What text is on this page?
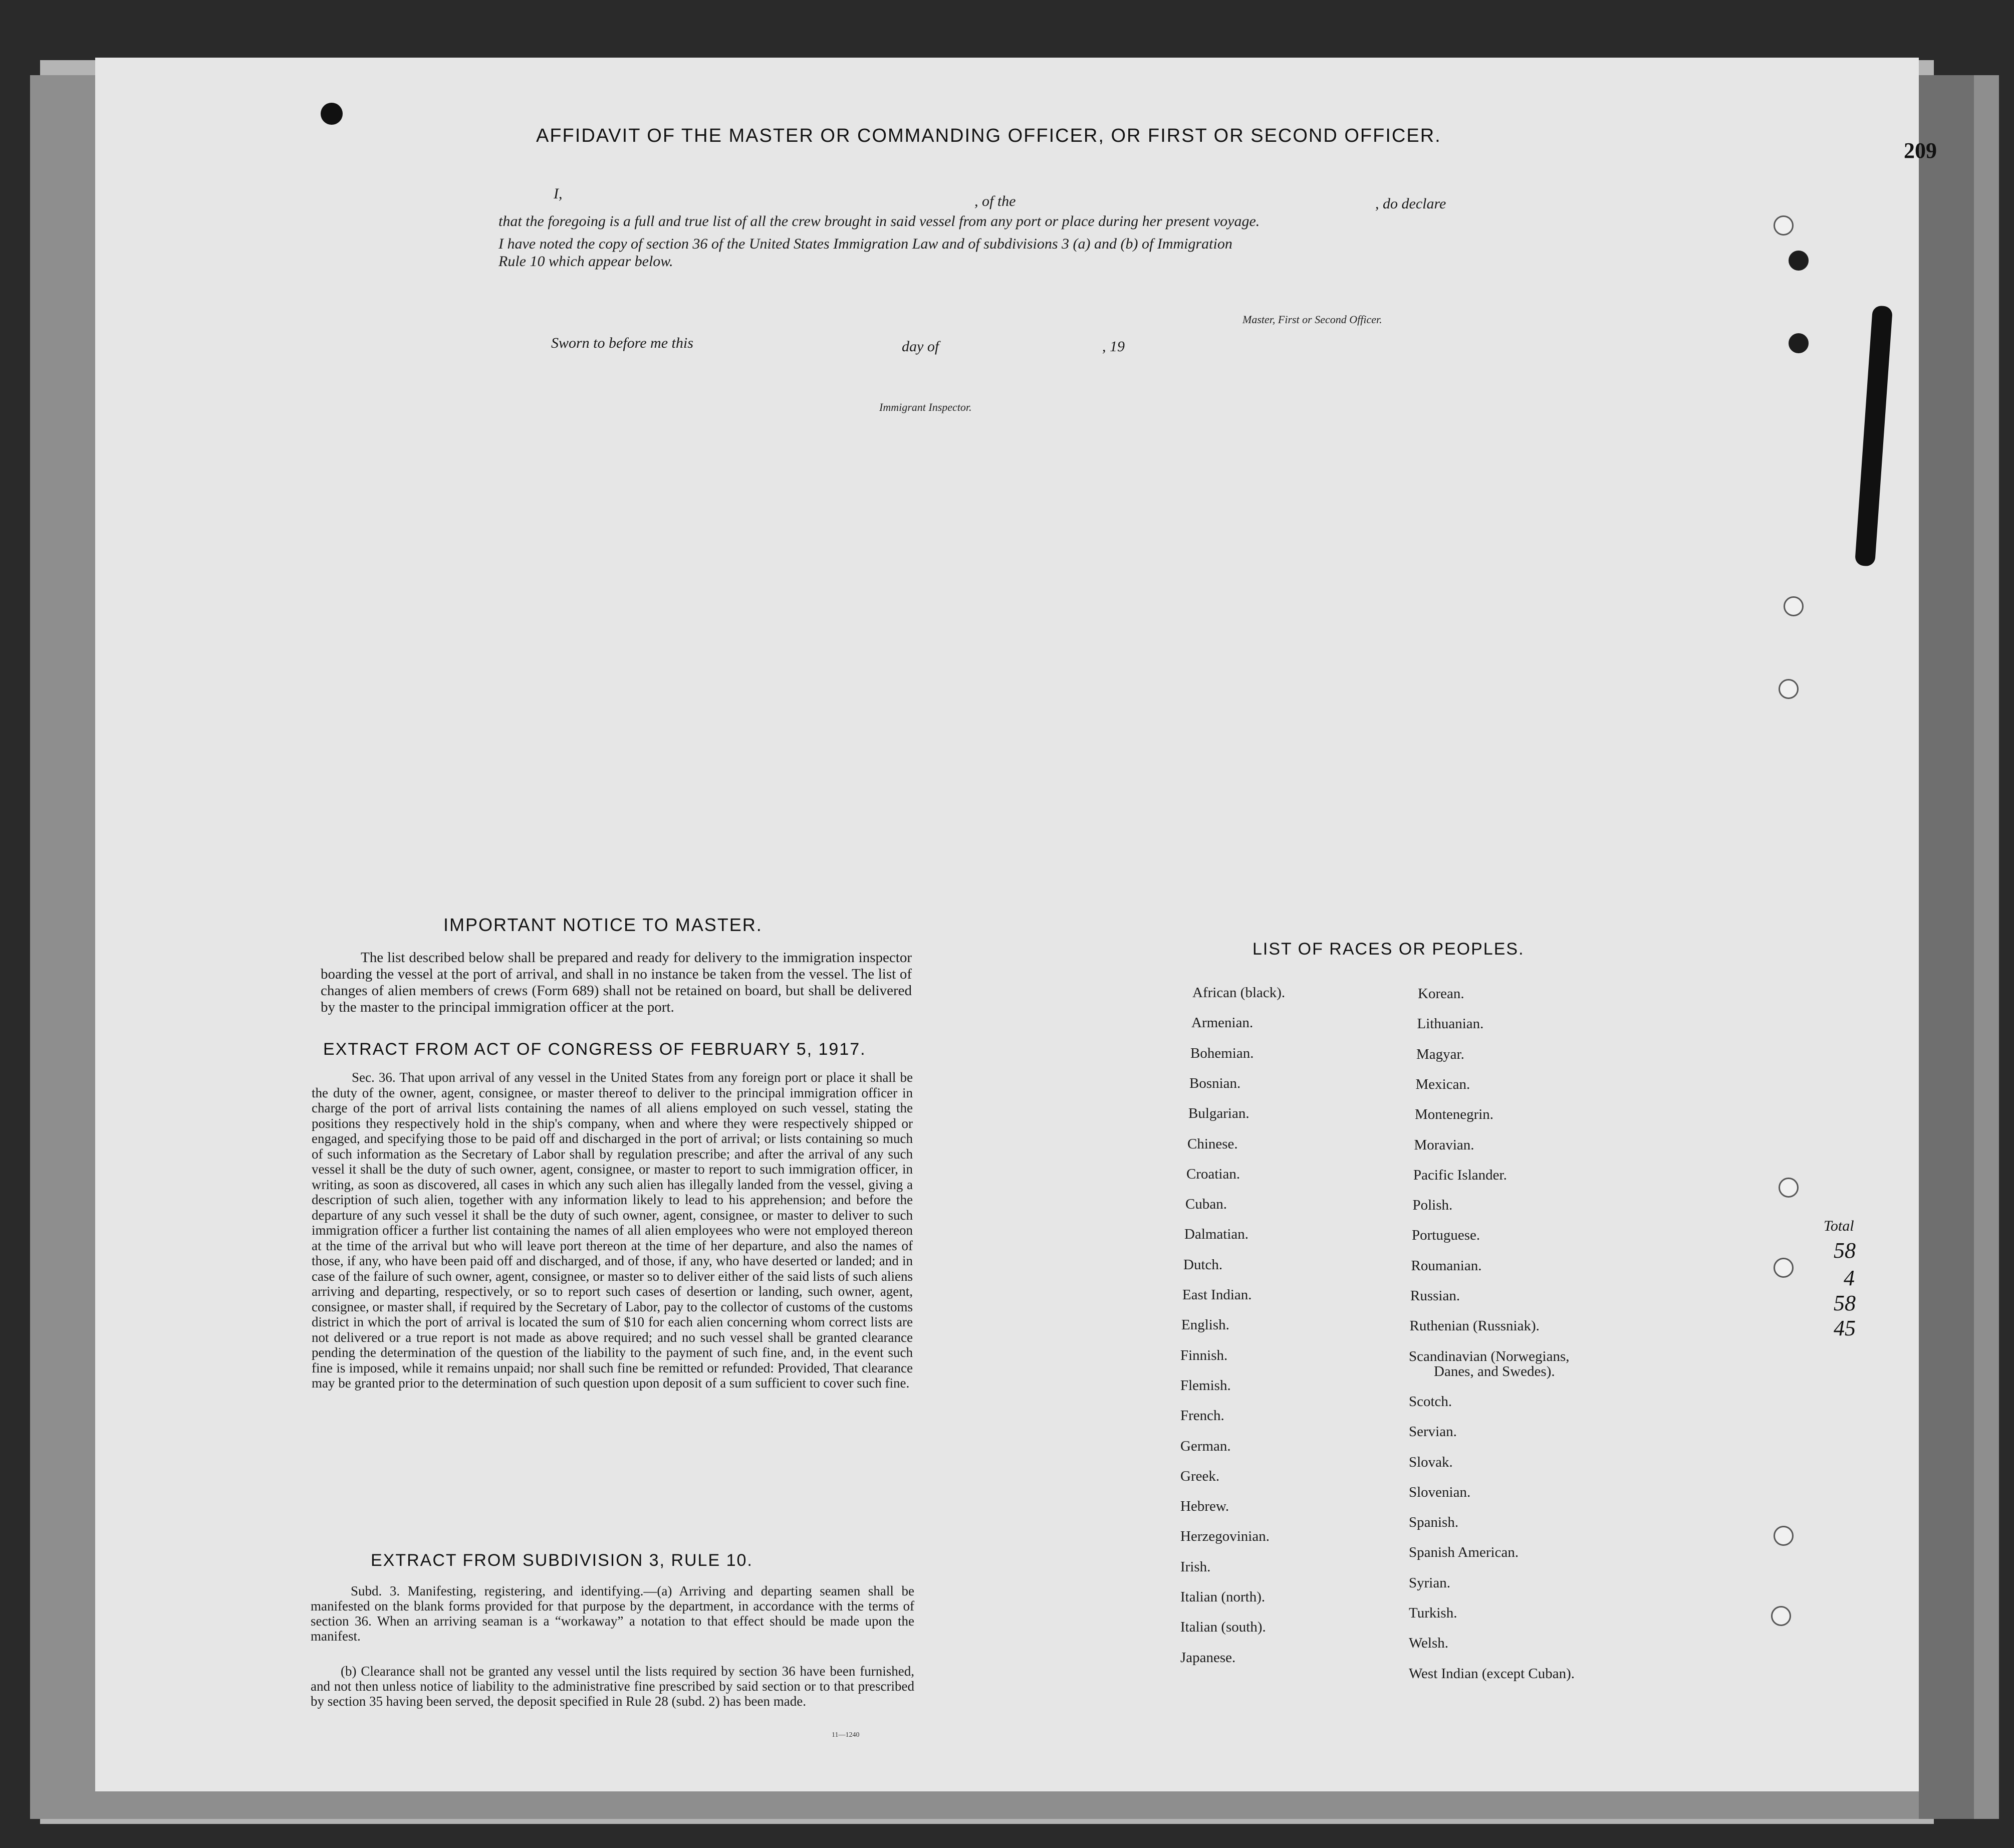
209
Total
58
4
58
45
AFFIDAVIT OF THE MASTER OR COMMANDING OFFICER, OR FIRST OR SECOND OFFICER.
I,	, of the	, do declare
that the foregoing is a full and true list of all the crew brought in said vessel from any port or place during her present voyage.
I have noted the copy of section 36 of the United States Immigration Law and of subdivisions 3 (a) and (b) of Immigration
Rule 10 which appear below.
Master, First or Second Officer.
Sworn to before me this	day of	, 19
Immigrant Inspector.
IMPORTANT NOTICE TO MASTER.
The list described below shall be prepared and ready for delivery to the immigration inspector boarding the vessel at the port of arrival, and shall in no instance be taken from the vessel. The list of changes of alien members of crews (Form 689) shall not be retained on board, but shall be delivered by the master to the principal immigration officer at the port.
EXTRACT FROM ACT OF CONGRESS OF FEBRUARY 5, 1917.
Sec. 36. That upon arrival of any vessel in the United States from any foreign port or place it shall be the duty of the owner, agent, consignee, or master thereof to deliver to the principal immigration officer in charge of the port of arrival lists containing the names of all aliens employed on such vessel, stating the positions they respectively hold in the ship's company, when and where they were respectively shipped or engaged, and specifying those to be paid off and discharged in the port of arrival; or lists containing so much of such information as the Secretary of Labor shall by regulation prescribe; and after the arrival of any such vessel it shall be the duty of such owner, agent, consignee, or master to report to such immigration officer, in writing, as soon as discovered, all cases in which any such alien has illegally landed from the vessel, giving a description of such alien, together with any information likely to lead to his apprehension; and before the departure of any such vessel it shall be the duty of such owner, agent, consignee, or master to deliver to such immigration officer a further list containing the names of all alien employees who were not employed thereon at the time of the arrival but who will leave port thereon at the time of her departure, and also the names of those, if any, who have been paid off and discharged, and of those, if any, who have deserted or landed; and in case of the failure of such owner, agent, consignee, or master so to deliver either of the said lists of such aliens arriving and departing, respectively, or so to report such cases of desertion or landing, such owner, agent, consignee, or master shall, if required by the Secretary of Labor, pay to the collector of customs of the customs district in which the port of arrival is located the sum of $10 for each alien concerning whom correct lists are not delivered or a true report is not made as above required; and no such vessel shall be granted clearance pending the determination of the question of the liability to the payment of such fine, and, in the event such fine is imposed, while it remains unpaid; nor shall such fine be remitted or refunded: Provided, That clearance may be granted prior to the determination of such question upon deposit of a sum sufficient to cover such fine.
EXTRACT FROM SUBDIVISION 3, RULE 10.
Subd. 3. Manifesting, registering, and identifying.—(a) Arriving and departing seamen shall be manifested on the blank forms provided for that purpose by the department, in accordance with the terms of section 36. When an arriving seaman is a “workaway” a notation to that effect should be made upon the manifest.
(b) Clearance shall not be granted any vessel until the lists required by section 36 have been furnished, and not then unless notice of liability to the administrative fine prescribed by said section or to that prescribed by section 35 having been served, the deposit specified in Rule 28 (subd. 2) has been made.
11—1240
LIST OF RACES OR PEOPLES.
African (black).
Armenian.
Bohemian.
Bosnian.
Bulgarian.
Chinese.
Croatian.
Cuban.
Dalmatian.
Dutch.
East Indian.
English.
Finnish.
Flemish.
French.
German.
Greek.
Hebrew.
Herzegovinian.
Irish.
Italian (north).
Italian (south).
Japanese.
Korean.
Lithuanian.
Magyar.
Mexican.
Montenegrin.
Moravian.
Pacific Islander.
Polish.
Portuguese.
Roumanian.
Russian.
Ruthenian (Russniak).
Scandinavian (Norwegians,
Danes, and Swedes).
Scotch.
Servian.
Slovak.
Slovenian.
Spanish.
Spanish American.
Syrian.
Turkish.
Welsh.
West Indian (except Cuban).
